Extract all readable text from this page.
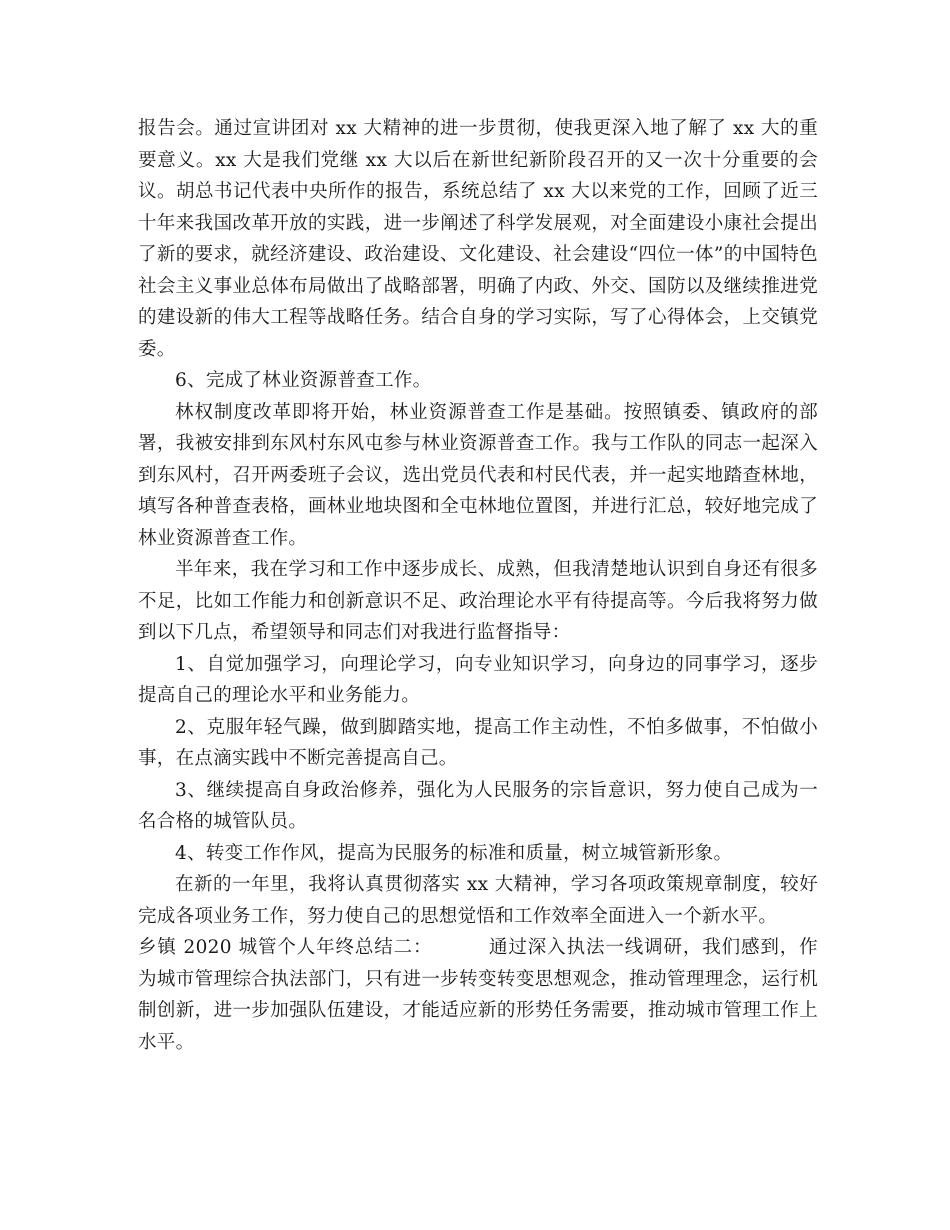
报告会。通过宣讲团对 xx 大精神的进一步贯彻，使我更深入地了解了 xx 大的重要意义。xx 大是我们党继 xx 大以后在新世纪新阶段召开的又一次十分重要的会议。胡总书记代表中央所作的报告，系统总结了 xx 大以来党的工作，回顾了近三十年来我国改革开放的实践，进一步阐述了科学发展观，对全面建设小康社会提出了新的要求，就经济建设、政治建设、文化建设、社会建设“四位一体”的中国特色社会主义事业总体布局做出了战略部署，明确了内政、外交、国防以及继续推进党的建设新的伟大工程等战略任务。结合自身的学习实际，写了心得体会，上交镇党委。

6、完成了林业资源普查工作。

林权制度改革即将开始，林业资源普查工作是基础。按照镇委、镇政府的部署，我被安排到东风村东风屯参与林业资源普查工作。我与工作队的同志一起深入到东风村，召开两委班子会议，选出党员代表和村民代表，并一起实地踏查林地，填写各种普查表格，画林业地块图和全屯林地位置图，并进行汇总，较好地完成了林业资源普查工作。

半年来，我在学习和工作中逐步成长、成熟，但我清楚地认识到自身还有很多不足，比如工作能力和创新意识不足、政治理论水平有待提高等。今后我将努力做到以下几点，希望领导和同志们对我进行监督指导：

1、自觉加强学习，向理论学习，向专业知识学习，向身边的同事学习，逐步提高自己的理论水平和业务能力。

2、克服年轻气躁，做到脚踏实地，提高工作主动性，不怕多做事，不怕做小事，在点滴实践中不断完善提高自己。

3、继续提高自身政治修养，强化为人民服务的宗旨意识，努力使自己成为一名合格的城管队员。

4、转变工作作风，提高为民服务的标准和质量，树立城管新形象。

在新的一年里，我将认真贯彻落实 xx 大精神，学习各项政策规章制度，较好完成各项业务工作，努力使自己的思想觉悟和工作效率全面进入一个新水平。

乡镇 2020 城管个人年终总结二：	通过深入执法一线调研，我们感到，作为城市管理综合执法部门，只有进一步转变转变思想观念，推动管理理念，运行机制创新，进一步加强队伍建设，才能适应新的形势任务需要，推动城市管理工作上水平。
